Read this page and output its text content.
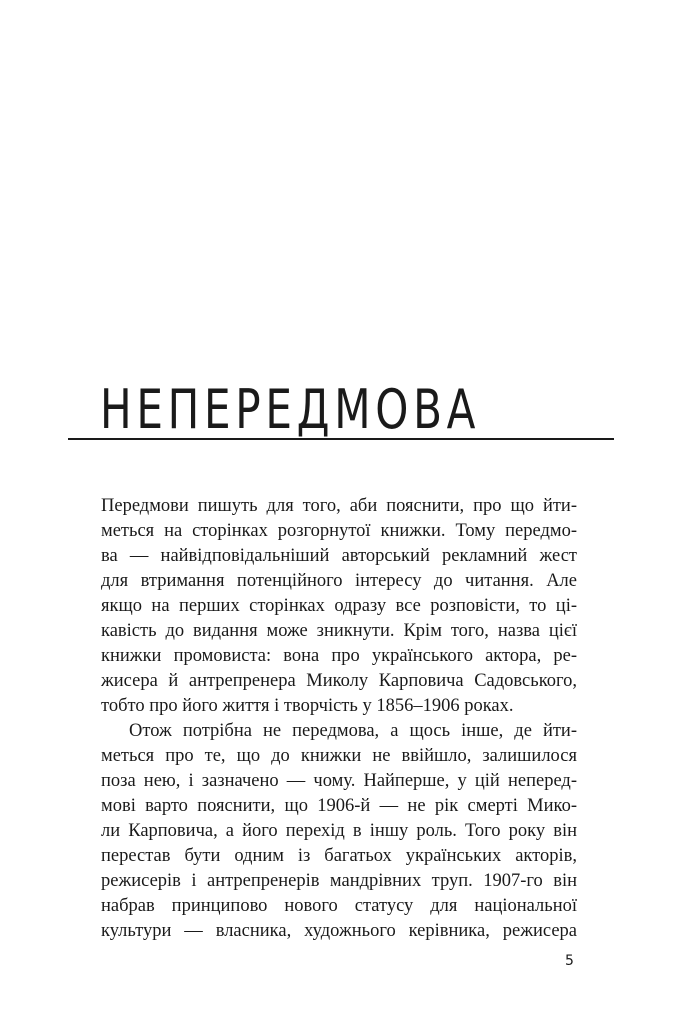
НЕПЕРЕДМОВА

Передмови пишуть для того, аби пояснити, про що йти-
меться на сторінках розгорнутої книжки. Тому передмо-
ва — найвідповідальніший авторський рекламний жест
для втримання потенційного інтересу до читання. Але
якщо на перших сторінках одразу все розповісти, то ці-
кавість до видання може зникнути. Крім того, назва цієї
книжки промовиста: вона про українського актора, ре-
жисера й антрепренера Миколу Карповича Садовського,
тобто про його життя і творчість у 1856–1906 роках.

Отож потрібна не передмова, а щось інше, де йти-
меться про те, що до книжки не ввійшло, залишилося
поза нею, і зазначено — чому. Найперше, у цій неперед-
мові варто пояснити, що 1906-й — не рік смерті Мико-
ли Карповича, а його перехід в іншу роль. Того року він
перестав бути одним із багатьох українських акторів,
режисерів і антрепренерів мандрівних труп. 1907-го він
набрав принципово нового статусу для національної
культури — власника, художнього керівника, режисера

5
